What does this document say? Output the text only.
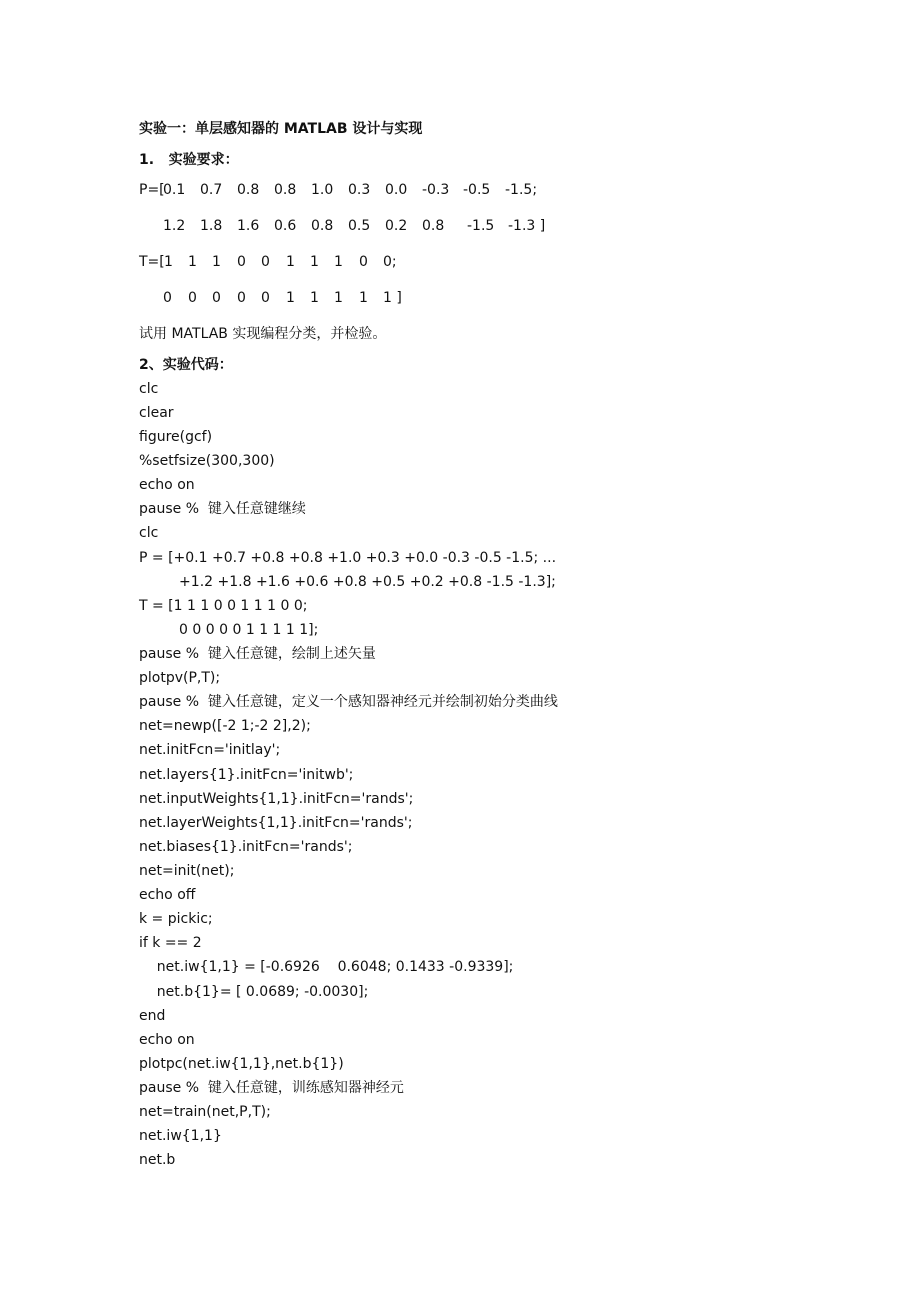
实验一：单层感知器的 MATLAB 设计与实现
1.   实验要求：
P=[
0.1 0.7 0.8 0.8 1.0 0.3 0.0 -0.3 -0.5 -1.5;
1.2 1.8 1.6 0.6 0.8 0.5 0.2 0.8 -1.5 -1.3 ]
T=[ 1 1 1 0 0 1 1 1 0 0;
0 0 0 0 0 1 1 1 1 1 ]
试用 MATLAB 实现编程分类，并检验。
2、实验代码：
clc
clear
figure(gcf)
%setfsize(300,300)
echo on
pause %  键入任意键继续
clc
P = [+0.1 +0.7 +0.8 +0.8 +1.0 +0.3 +0.0 -0.3 -0.5 -1.5; ...
+1.2 +1.8 +1.6 +0.6 +0.8 +0.5 +0.2 +0.8 -1.5 -1.3];
T = [1 1 1 0 0 1 1 1 0 0;
0 0 0 0 0 1 1 1 1 1];
pause %  键入任意键，绘制上述矢量
plotpv(P,T);
pause %  键入任意键，定义一个感知器神经元并绘制初始分类曲线
net=newp([-2 1;-2 2],2);
net.initFcn='initlay';
net.layers{1}.initFcn='initwb';
net.inputWeights{1,1}.initFcn='rands';
net.layerWeights{1,1}.initFcn='rands';
net.biases{1}.initFcn='rands';
net=init(net);
echo off
k = pickic;
if k == 2
net.iw{1,1} = [-0.6926    0.6048; 0.1433 -0.9339];
net.b{1}= [ 0.0689; -0.0030];
end
echo on
plotpc(net.iw{1,1},net.b{1})
pause %  键入任意键，训练感知器神经元
net=train(net,P,T);
net.iw{1,1}
net.b
